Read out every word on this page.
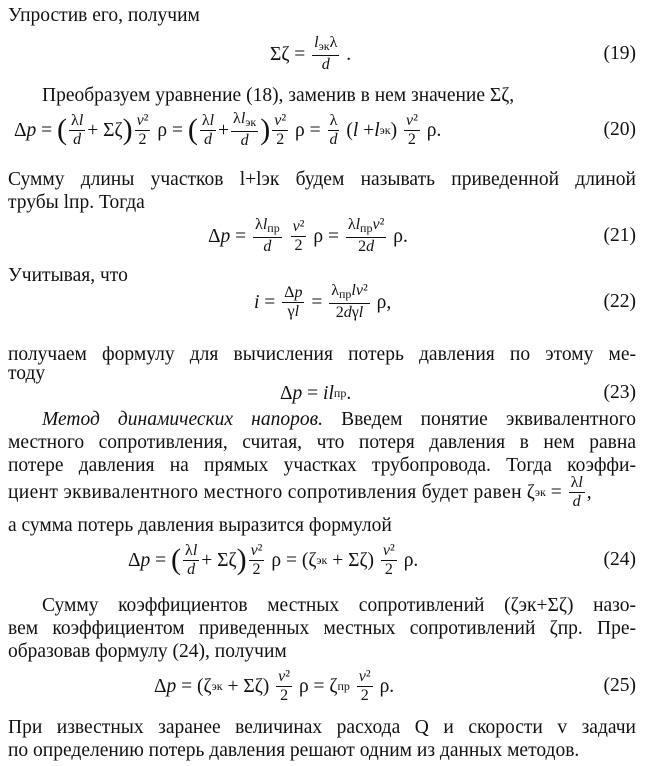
Упростив его, получим
Σζ =
$l_{эк}\lambda$
d .	(19)
Преобразуем уравнение (18), заменив в нем значение Σζ,
Δ p = ( λl
d + Σζ ) v²
2 ρ = ( λl
d +
$\lambda l_{эк}$
d ) v²
2 ρ = λ
d ( l + l эк ) v²
2 ρ.	(20)
Сумму длины участков l+lэк будем называть приведенной длиной
трубы lпр. Тогда
Δ p =
$\lambda l_{пр}$
d

v²
2 ρ =
$\lambda l_{пр}v^2$
2d ρ.	(21)
Учитывая, что
i = Δp
γl =
$\lambda_{пр}lv^2$
2dγl ρ,	(22)
получаем формулу для вычисления потерь давления по этому ме-
тоду
Δ p = il пр .	(23)
Метод динамических напоров. Введем понятие эквивалентного
местного сопротивления, считая, что потеря давления в нем равна
потере давления на прямых участках трубопровода. Тогда коэффи-
циент эквивалентного местного сопротивления будет равен ζ эк = λl
d ,
а сумма потерь давления выразится формулой
Δ p = ( λl
d + Σζ ) v²
2 ρ = (ζ эк + Σζ) v²
2 ρ.	(24)
Сумму коэффициентов местных сопротивлений (ζэк+Σζ) назо-
вем коэффициентом приведенных местных сопротивлений ζпр. Пре-
образовав формулу (24), получим
Δ p = (ζ эк + Σζ) v²
2 ρ = ζ пр

v²
2 ρ.	(25)
При известных заранее величинах расхода Q и скорости v задачи
по определению потерь давления решают одним из данных методов.
